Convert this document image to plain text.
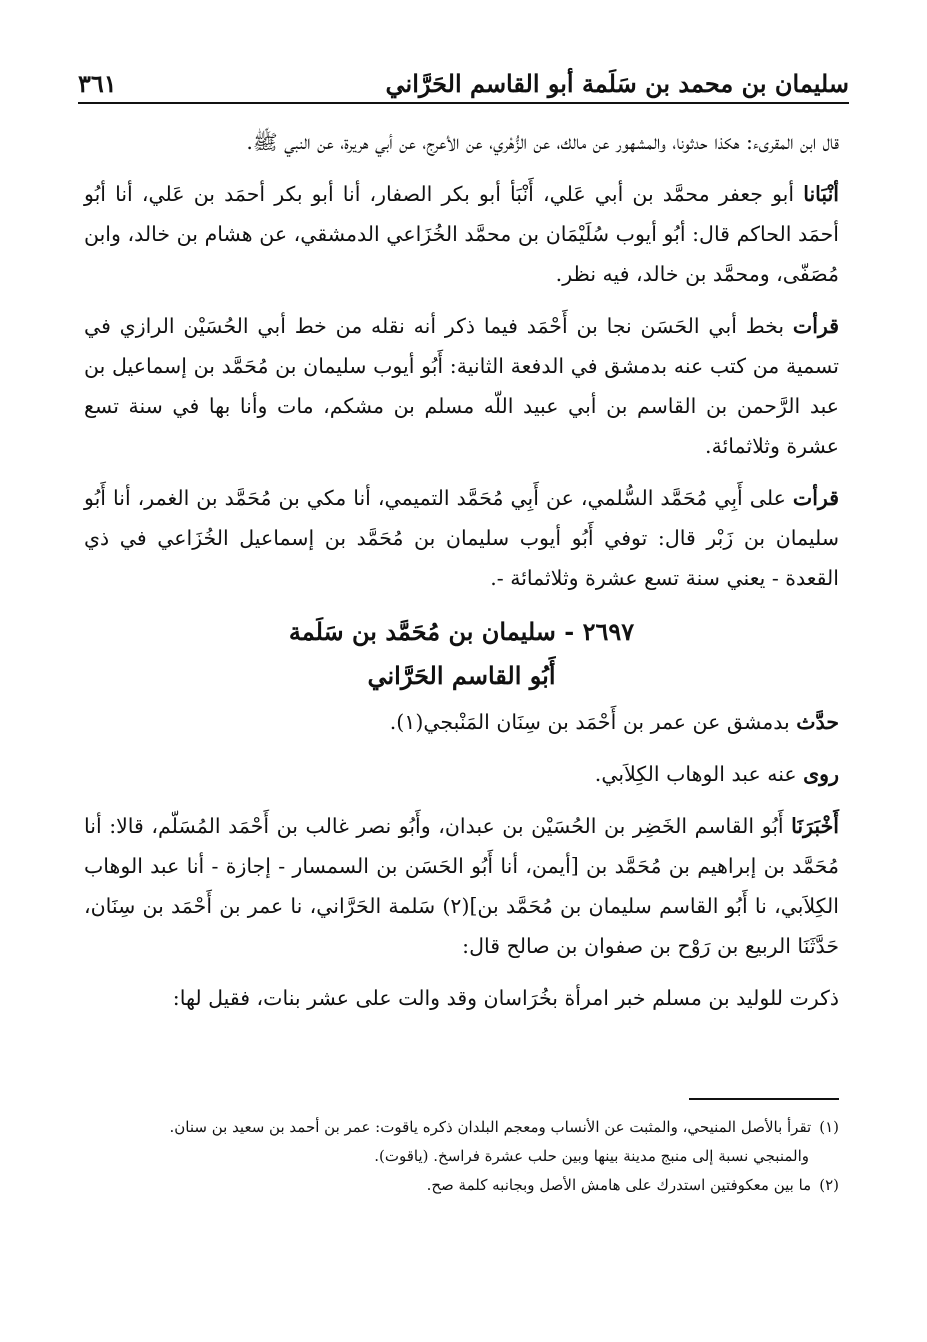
سليمان بن محمد بن سَلَمة أبو القاسم الحَرَّاني
٣٦١

قال ابن المقرىء: هكذا حدثونا، والمشهور عن مالك، عن الزُّهْري، عن الأعرج، عن أبي هريرة، عن النبي ﷺ.

أنْبَانا أبو جعفر محمَّد بن أبي عَلي، أَنْبَأ أبو بكر الصفار، أنا أبو بكر أحمَد بن عَلي، أنا أبُو أحمَد الحاكم قال: أبُو أيوب سُلَيْمَان بن محمَّد الخُزَاعي الدمشقي، عن هشام بن خالد، وابن مُصَفّى، ومحمَّد بن خالد، فيه نظر.

قرأت بخط أبي الحَسَن نجا بن أَحْمَد فيما ذكر أنه نقله من خط أبي الحُسَيْن الرازي في تسمية من كتب عنه بدمشق في الدفعة الثانية: أَبُو أيوب سليمان بن مُحَمَّد بن إسماعيل بن عبد الرَّحمن بن القاسم بن أبي عبيد اللّه مسلم بن مشكم، مات وأنا بها في سنة تسع عشرة وثلاثمائة.

قرأت على أَبِي مُحَمَّد السُّلمي، عن أَبِي مُحَمَّد التميمي، أنا مكي بن مُحَمَّد بن الغمر، أنا أَبُو سليمان بن زَبْر قال: توفي أَبُو أيوب سليمان بن مُحَمَّد بن إسماعيل الخُزَاعي في ذي القعدة - يعني سنة تسع عشرة وثلاثمائة -.

٢٦٩٧ - سليمان بن مُحَمَّد بن سَلَمة
أَبُو القاسم الحَرَّاني

حدَّث بدمشق عن عمر بن أَحْمَد بن سِنَان المَنْبجي(١).

روى عنه عبد الوهاب الكِلاَبي.

أَخْبَرَنَا أَبُو القاسم الخَضِر بن الحُسَيْن بن عبدان، وأَبُو نصر غالب بن أَحْمَد المُسَلّم، قالا: أنا مُحَمَّد بن إبراهيم بن مُحَمَّد بن [أيمن، أنا أَبُو الحَسَن بن السمسار - إجازة - أنا عبد الوهاب الكِلاَبي، نا أَبُو القاسم سليمان بن مُحَمَّد بن](٢) سَلمة الحَرَّاني، نا عمر بن أَحْمَد بن سِنَان، حَدَّثَنَا الربيع بن رَوْح بن صفوان بن صالح قال:

ذكرت للوليد بن مسلم خبر امرأة بخُرَاسان وقد والت على عشر بنات، فقيل لها:

(١)تقرأ بالأصل المنيحي، والمثبت عن الأنساب ومعجم البلدان ذكره ياقوت: عمر بن أحمد بن سعيد بن سنان.

والمنبجي نسبة إلى منبج مدينة بينها وبين حلب عشرة فراسخ. (ياقوت).

(٢)ما بين معكوفتين استدرك على هامش الأصل وبجانبه كلمة صح.
